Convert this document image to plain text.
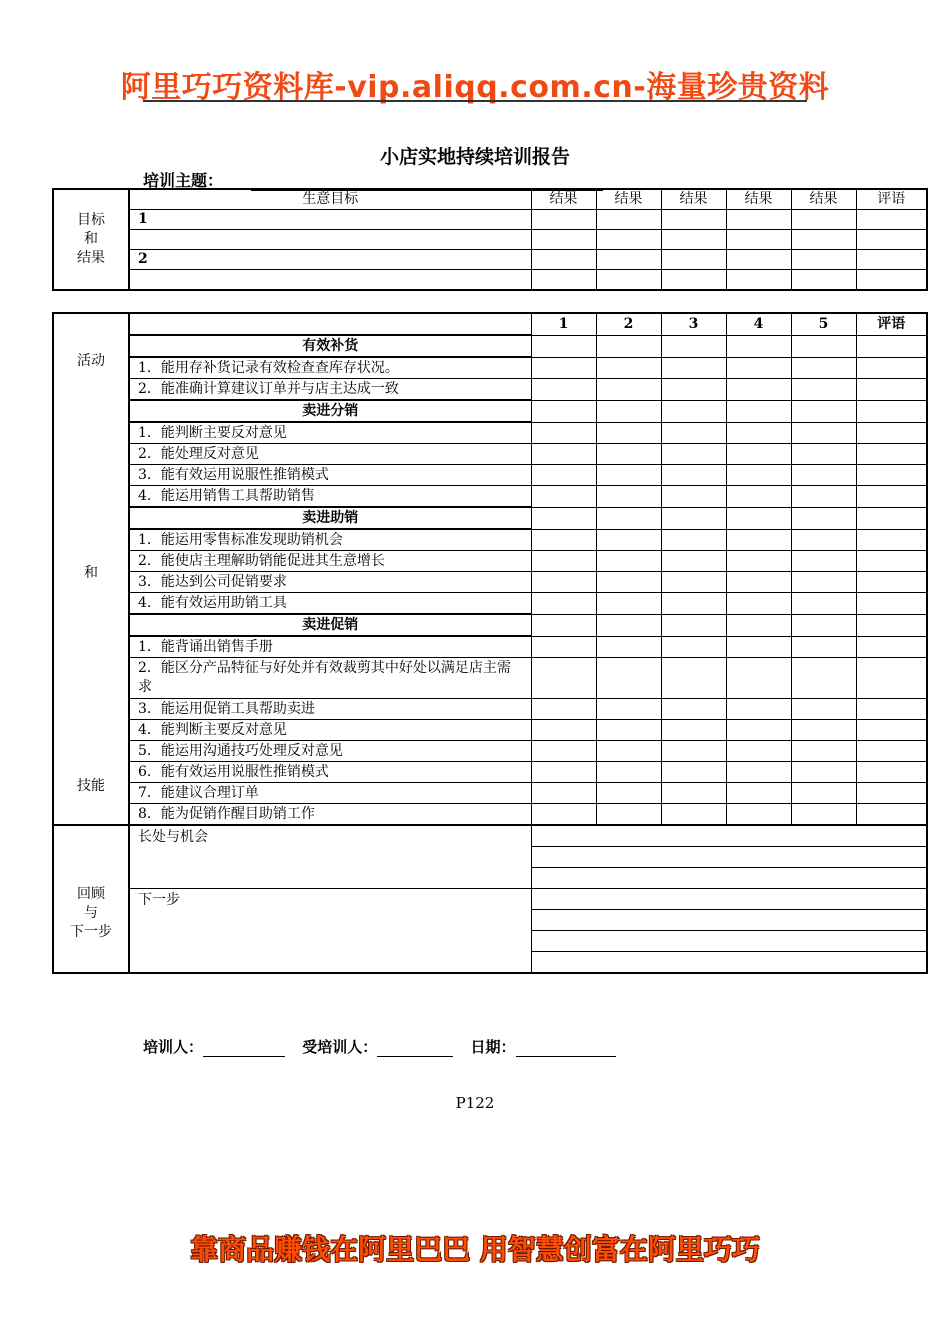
阿里巧巧资料库-vip.aliqq.com.cn-海量珍贵资料
小店实地持续培训报告
培训主题：
目标
和
结果	生意目标	结果	结果	结果	结果	结果	评语
	1						

	2						

活动
和
技能		1	2	3	4	5	评语
	有效补货						
	1．能用存补货记录有效检查查库存状况。						
	2．能准确计算建议订单并与店主达成一致						
	卖进分销						
	1．能判断主要反对意见						
	2．能处理反对意见						
	3．能有效运用说服性推销模式						
	4．能运用销售工具帮助销售						
	卖进助销						
	1．能运用零售标准发现助销机会						
	2．能使店主理解助销能促进其生意增长						
	3．能达到公司促销要求						
	4．能有效运用助销工具						
	卖进促销						
	1．能背诵出销售手册						
	2．能区分产品特征与好处并有效裁剪其中好处以满足店主需求						
	3．能运用促销工具帮助卖进						
	4．能判断主要反对意见						
	5．能运用沟通技巧处理反对意见						
	6．能有效运用说服性推销模式						
	7．能建议合理订单						
	8．能为促销作醒目助销工作						

回顾
与
下一步	长处与机会						

	下一步						

培训人：	受培训人：	日期：
P122
靠商品赚钱在阿里巴巴 用智慧创富在阿里巧巧
